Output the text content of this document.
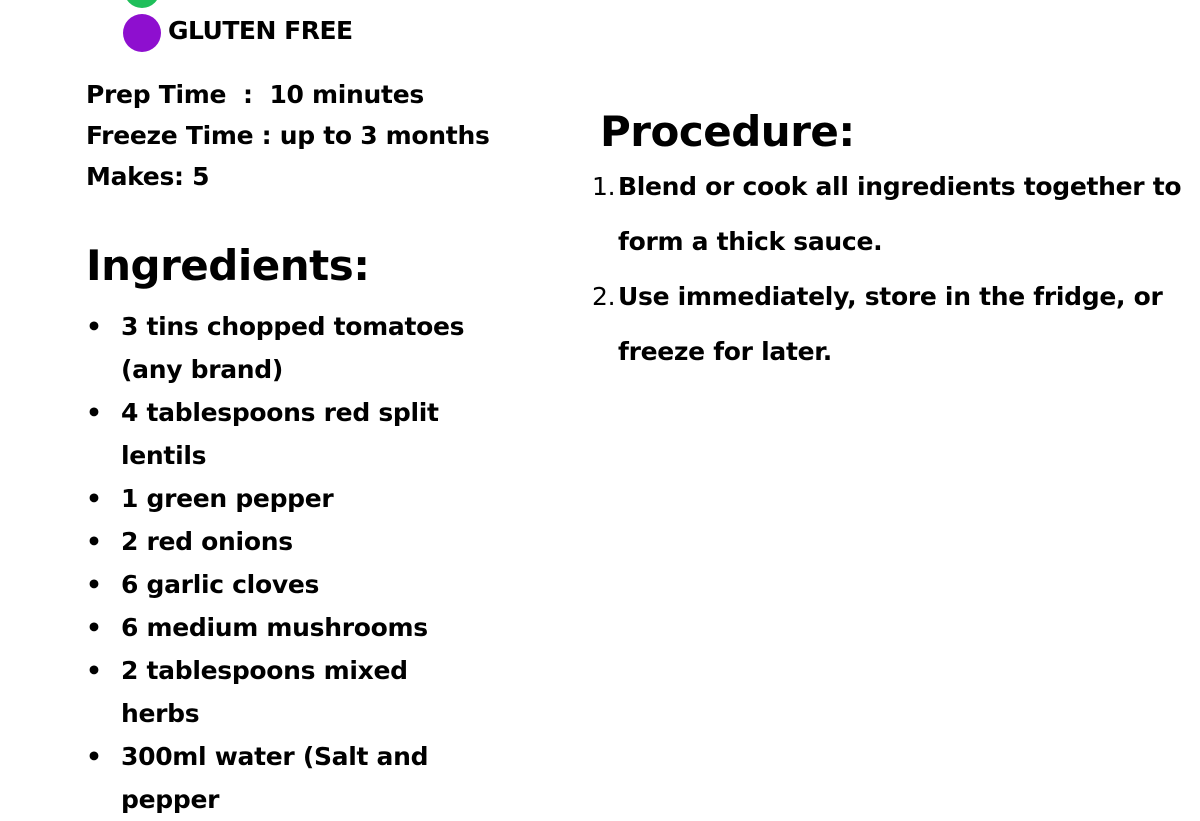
GLUTEN FREE
Prep Time  :  10 minutes
Freeze Time : up to 3 months
Makes: 5
Ingredients:
• 3 tins chopped tomatoes (any brand)
• 4 tablespoons red split lentils
• 1 green pepper
• 2 red onions
• 6 garlic cloves
• 6 medium mushrooms
• 2 tablespoons mixed herbs
• 300ml water (Salt and pepper
Procedure:
1. Blend or cook all ingredients together to form a thick sauce.
2. Use immediately, store in the fridge, or freeze for later.
